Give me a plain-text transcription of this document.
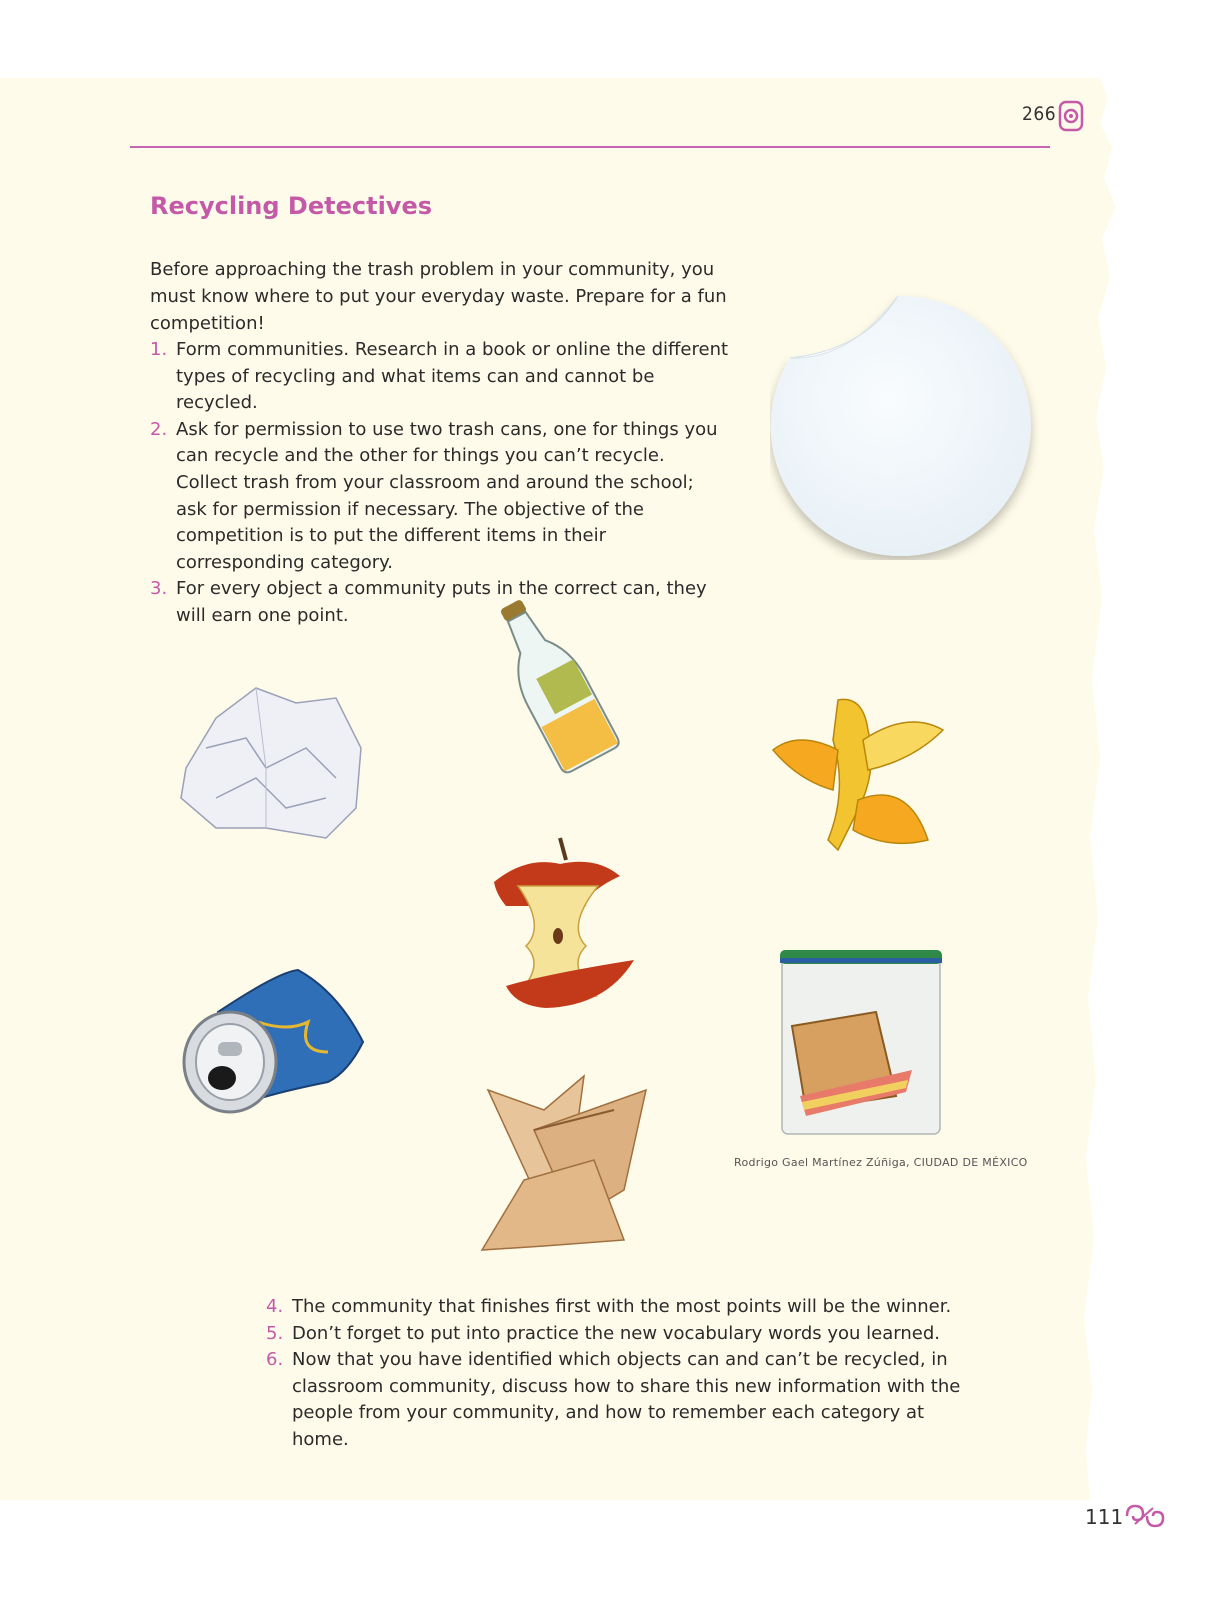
266
Recycling Detectives
Before approaching the trash problem in your community, you must know where to put your everyday waste. Prepare for a fun competition!
1. Form communities. Research in a book or online the different types of recycling and what items can and cannot be recycled.
2. Ask for permission to use two trash cans, one for things you can recycle and the other for things you can’t recycle. Collect trash from your classroom and around the school; ask for permission if necessary. The objective of the competition is to put the different items in their corresponding category.
3. For every object a community puts in the correct can, they will earn one point.
Rodrigo Gael Martínez Zúñiga, CIUDAD DE MÉXICO
4. The community that finishes first with the most points will be the winner.
5. Don’t forget to put into practice the new vocabulary words you learned.
6. Now that you have identified which objects can and can’t be recycled, in classroom community, discuss how to share this new information with the people from your community, and how to remember each category at home.
111
